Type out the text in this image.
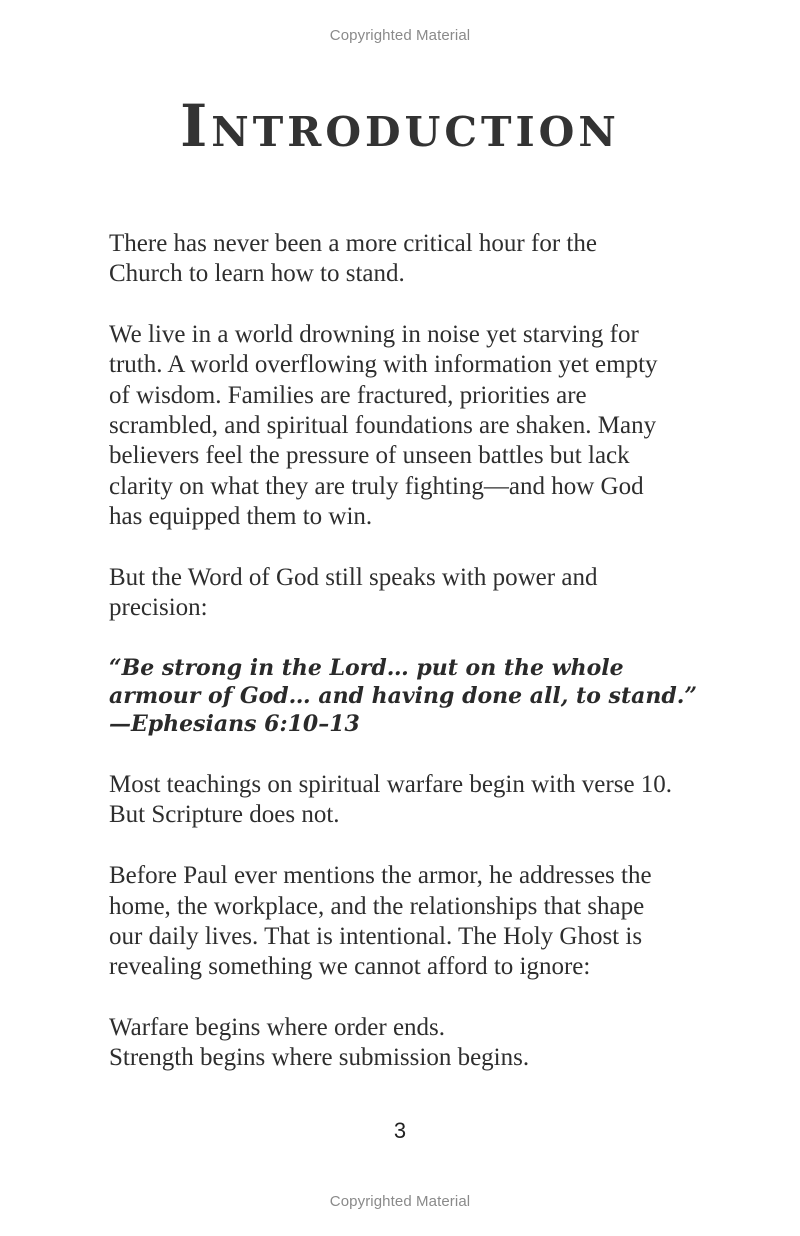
Copyrighted Material
Introduction

There has never been a more critical hour for the
Church to learn how to stand.

We live in a world drowning in noise yet starving for
truth. A world overflowing with information yet empty
of wisdom. Families are fractured, priorities are
scrambled, and spiritual foundations are shaken. Many
believers feel the pressure of unseen battles but lack
clarity on what they are truly fighting—and how God
has equipped them to win.

But the Word of God still speaks with power and
precision:

“Be strong in the Lord… put on the whole
armour of God… and having done all, to stand.”
—Ephesians 6:10–13

Most teachings on spiritual warfare begin with verse 10.
But Scripture does not.

Before Paul ever mentions the armor, he addresses the
home, the workplace, and the relationships that shape
our daily lives. That is intentional. The Holy Ghost is
revealing something we cannot afford to ignore:

Warfare begins where order ends.
Strength begins where submission begins.

3
Copyrighted Material
